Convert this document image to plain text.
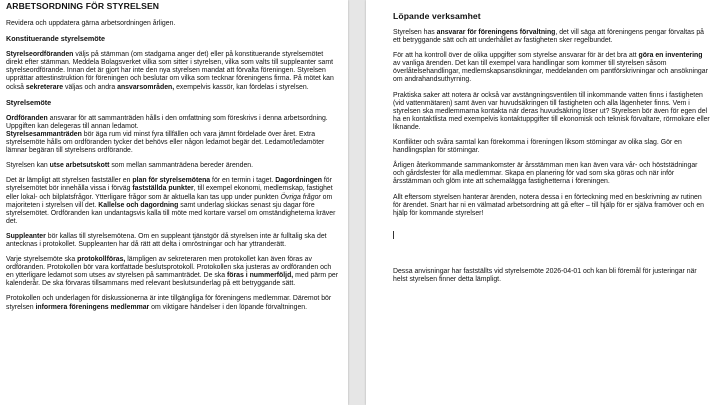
ARBETSORDNING FÖR STYRELSEN

Revidera och uppdatera gärna arbetsordningen årligen.

Konstituerande styrelsemöte

Styrelseordföranden väljs på stämman (om stadgarna anger det) eller på konstituerande styrelsemötet direkt efter stämman. Meddela Bolagsverket vilka som sitter i styrelsen, vilka som valts till suppleanter samt styrelseordförande. Innan det är gjort har inte den nya styrelsen mandat att förvalta föreningen. Styrelsen upprättar attestinstruktion för föreningen och beslutar om vilka som tecknar föreningens firma. På mötet kan också sekreterare väljas och andra ansvarsområden, exempelvis kassör, kan fördelas i styrelsen.

Styrelsemöte

Ordföranden ansvarar för att sammanträden hålls i den omfattning som föreskrivs i denna arbetsordning. Uppgiften kan delegeras till annan ledamot.
Styrelsesammanträden bör äga rum vid minst fyra tillfällen och vara jämnt fördelade över året. Extra styrelsemöte hålls om ordföranden tycker det behövs eller någon ledamot begär det. Ledamot/ledamöter lämnar begäran till styrelsens ordförande.

Styrelsen kan utse arbetsutskott som mellan sammanträdena bereder ärenden.

Det är lämpligt att styrelsen fastställer en plan för styrelsemötena för en termin i taget. Dagordningen för styrelsemötet bör innehålla vissa i förväg fastställda punkter, till exempel ekonomi, medlemskap, fastighet eller lokal- och bilplatsfrågor. Ytterligare frågor som är aktuella kan tas upp under punkten Övriga frågor om majoriteten i styrelsen vill det. Kallelse och dagordning samt underlag skickas senast sju dagar före styrelsemötet. Ordföranden kan undantagsvis kalla till möte med kortare varsel om omständigheterna kräver det.

Suppleanter bör kallas till styrelsemötena. Om en suppleant tjänstgör då styrelsen inte är fulltalig ska det antecknas i protokollet. Suppleanten har då rätt att delta i omröstningar och har yttranderätt.

Varje styrelsemöte ska protokollföras, lämpligen av sekreteraren men protokollet kan även föras av ordföranden. Protokollen bör vara kortfattade beslutsprotokoll. Protokollen ska justeras av ordföranden och en ytterligare ledamot som utses av styrelsen på sammanträdet. De ska föras i nummerföljd, med pärm per kalenderår. De ska förvaras tillsammans med relevant beslutsunderlag på ett betryggande sätt.

Protokollen och underlagen för diskussionerna är inte tillgängliga för föreningens medlemmar. Däremot bör styrelsen informera föreningens medlemmar om viktigare händelser i den löpande förvaltningen.

Löpande verksamhet

Styrelsen has ansvarar för föreningens förvaltning, det vill säga att föreningens pengar förvaltas på ett betryggande sätt och att underhållet av fastigheten sker regelbundet.

För att ha kontroll över de olika uppgifter som styrelse ansvarar för är det bra att göra en inventering av vanliga ärenden. Det kan till exempel vara handlingar som kommer till styrelsen såsom överlåtelsehandlingar, medlemskapsansökningar, meddelanden om pantförskrivningar och ansökningar om andrahandsuthyrning.

Praktiska saker att notera är också var avstängningsventilen till inkommande vatten finns i fastigheten (vid vattenmätaren) samt även var huvudsäkringen till fastigheten och alla lägenheter finns. Vem i styrelsen ska medlemmarna kontakta när deras huvudsäkring löser ut? Styrelsen bör även för egen del ha en kontaktlista med exempelvis kontaktuppgifter till ekonomisk och teknisk förvaltare, rörmokare eller liknande.

Konflikter och svåra samtal kan förekomma i föreningen liksom störningar av olika slag. Gör en handlingsplan för störningar.

Årligen återkommande sammankomster är årsstämman men kan även vara vår- och höststädningar och gårdsfester för alla medlemmar. Skapa en planering för vad som ska göras och när inför årsstämman och glöm inte att schemalägga fastighetterna i föreningen.

Allt eftersom styrelsen hanterar ärenden, notera dessa i en förteckning med en beskrivning av rutinen för ärendet. Snart har ni en välmatad arbetsordning att gå efter – till hjälp för er själva framöver och en hjälp för kommande styrelser!

Dessa anvisningar har fastställts vid styrelsemöte 2026-04-01 och kan bli föremål för justeringar när helst styrelsen finner detta lämpligt.
